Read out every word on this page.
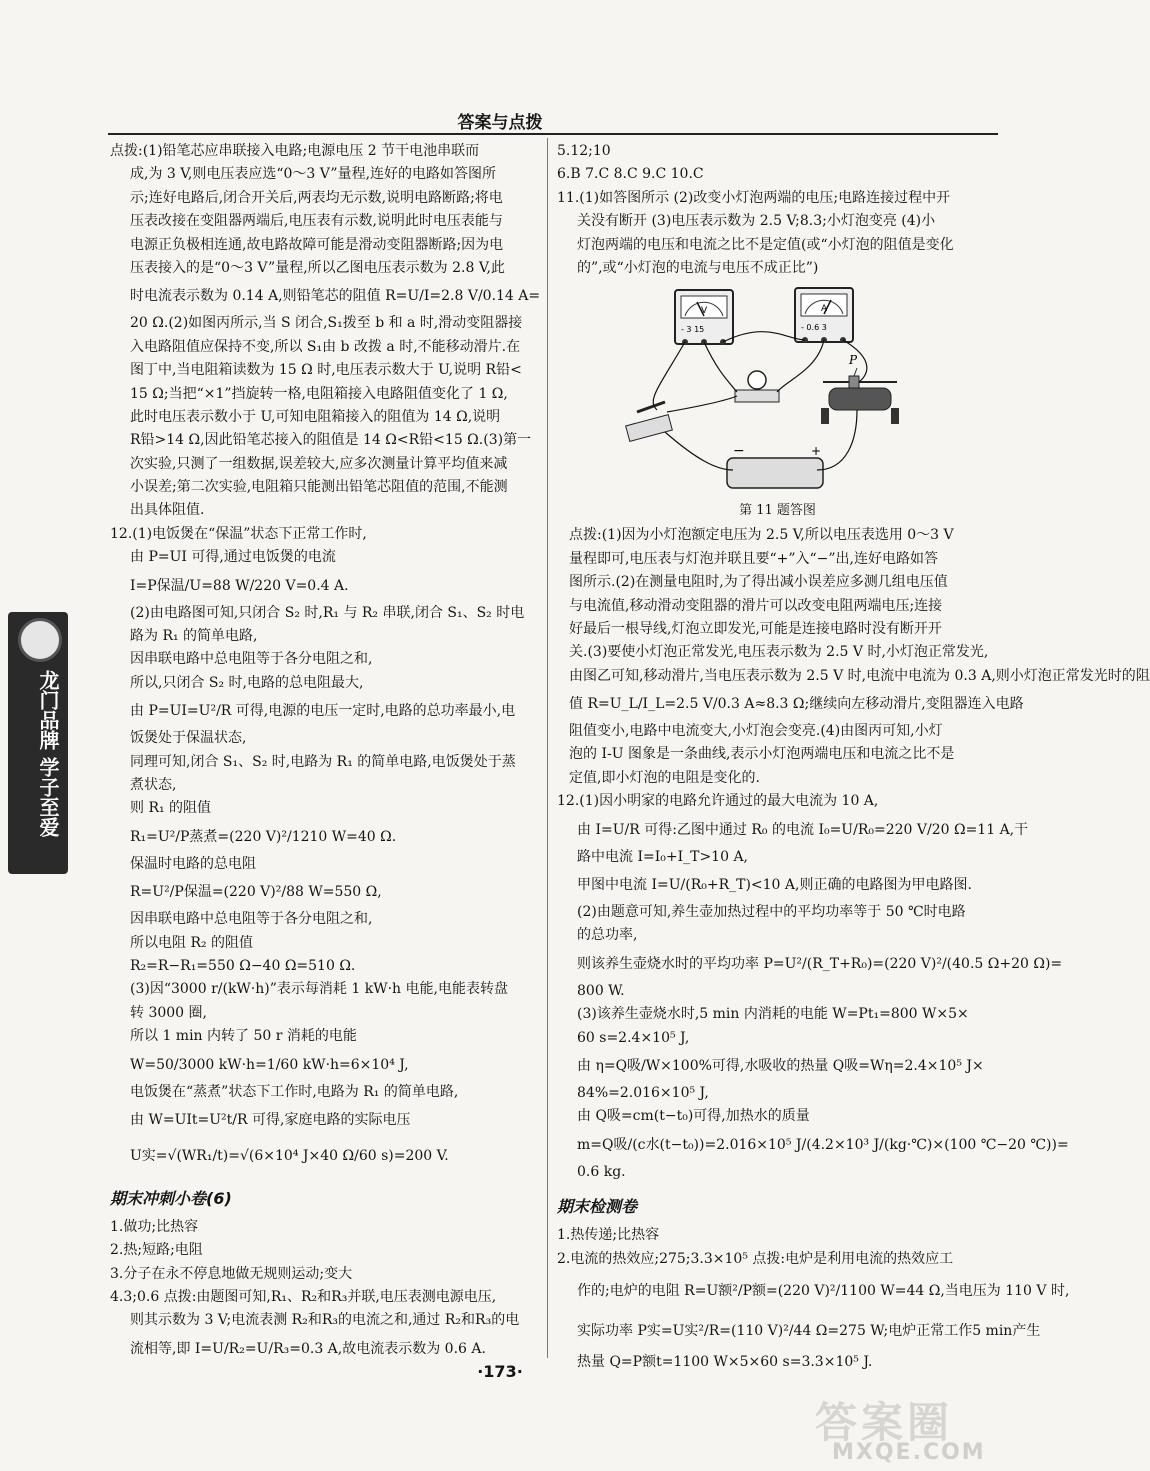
答案与点拨
龙门品牌 学子至爱
点拨:(1)铅笔芯应串联接入电路;电源电压 2 节干电池串联而
成,为 3 V,则电压表应选“0～3 V”量程,连好的电路如答图所
示;连好电路后,闭合开关后,两表均无示数,说明电路断路;将电
压表改接在变阻器两端后,电压表有示数,说明此时电压表能与
电源正负极相连通,故电路故障可能是滑动变阻器断路;因为电
压表接入的是“0～3 V”量程,所以乙图电压表示数为 2.8 V,此
时电流表示数为 0.14 A,则铅笔芯的阻值 R=U/I=2.8 V/0.14 A=
20 Ω.(2)如图丙所示,当 S 闭合,S₁拨至 b 和 a 时,滑动变阻器接
入电路阻值应保持不变,所以 S₁由 b 改拨 a 时,不能移动滑片.在
图丁中,当电阻箱读数为 15 Ω 时,电压表示数大于 U,说明 R铅<
15 Ω;当把“×1”挡旋转一格,电阻箱接入电路阻值变化了 1 Ω,
此时电压表示数小于 U,可知电阻箱接入的阻值为 14 Ω,说明
R铅>14 Ω,因此铅笔芯接入的阻值是 14 Ω<R铅<15 Ω.(3)第一
次实验,只测了一组数据,误差较大,应多次测量计算平均值来减
小误差;第二次实验,电阻箱只能测出铅笔芯阻值的范围,不能测
出具体阻值.
12.(1)电饭煲在“保温”状态下正常工作时,
由 P=UI 可得,通过电饭煲的电流
I=P保温/U=88 W/220 V=0.4 A.
(2)由电路图可知,只闭合 S₂ 时,R₁ 与 R₂ 串联,闭合 S₁、S₂ 时电
路为 R₁ 的简单电路,
因串联电路中总电阻等于各分电阻之和,
所以,只闭合 S₂ 时,电路的总电阻最大,
由 P=UI=U²/R 可得,电源的电压一定时,电路的总功率最小,电
饭煲处于保温状态,
同理可知,闭合 S₁、S₂ 时,电路为 R₁ 的简单电路,电饭煲处于蒸
煮状态,
则 R₁ 的阻值
R₁=U²/P蒸煮=(220 V)²/1210 W=40 Ω.
保温时电路的总电阻
R=U²/P保温=(220 V)²/88 W=550 Ω,
因串联电路中总电阻等于各分电阻之和,
所以电阻 R₂ 的阻值
R₂=R−R₁=550 Ω−40 Ω=510 Ω.
(3)因“3000 r/(kW·h)”表示每消耗 1 kW·h 电能,电能表转盘
转 3000 圈,
所以 1 min 内转了 50 r 消耗的电能
W=50/3000 kW·h=1/60 kW·h=6×10⁴ J,
电饭煲在“蒸煮”状态下工作时,电路为 R₁ 的简单电路,
由 W=UIt=U²t/R 可得,家庭电路的实际电压
U实=√(WR₁/t)=√(6×10⁴ J×40 Ω/60 s)=200 V.
期末冲刺小卷(6)
1.做功;比热容
2.热;短路;电阻
3.分子在永不停息地做无规则运动;变大
4.3;0.6 点拨:由题图可知,R₁、R₂和R₃并联,电压表测电源电压,
则其示数为 3 V;电流表测 R₂和R₃的电流之和,通过 R₂和R₃的电
流相等,即 I=U/R₂=U/R₃=0.3 A,故电流表示数为 0.6 A.
5.12;10
6.B 7.C 8.C 9.C 10.C
11.(1)如答图所示 (2)改变小灯泡两端的电压;电路连接过程中开
关没有断开 (3)电压表示数为 2.5 V;8.3;小灯泡变亮 (4)小
灯泡两端的电压和电流之比不是定值(或“小灯泡的阻值是变化
的”,或“小灯泡的电流与电压不成正比”)
V
- 3 15
A
- 0.6 3
P
−	+
第 11 题答图
点拨:(1)因为小灯泡额定电压为 2.5 V,所以电压表选用 0～3 V
量程即可,电压表与灯泡并联且要“+”入“−”出,连好电路如答
图所示.(2)在测量电阻时,为了得出减小误差应多测几组电压值
与电流值,移动滑动变阻器的滑片可以改变电阻两端电压;连接
好最后一根导线,灯泡立即发光,可能是连接电路时没有断开开
关.(3)要使小灯泡正常发光,电压表示数为 2.5 V 时,小灯泡正常发光,
由图乙可知,移动滑片,当电压表示数为 2.5 V 时,电流中电流为 0.3 A,则小灯泡正常发光时的阻
值 R=U_L/I_L=2.5 V/0.3 A≈8.3 Ω;继续向左移动滑片,变阻器连入电路
阻值变小,电路中电流变大,小灯泡会变亮.(4)由图丙可知,小灯
泡的 I-U 图象是一条曲线,表示小灯泡两端电压和电流之比不是
定值,即小灯泡的电阻是变化的.
12.(1)因小明家的电路允许通过的最大电流为 10 A,
由 I=U/R 可得:乙图中通过 R₀ 的电流 I₀=U/R₀=220 V/20 Ω=11 A,干
路中电流 I=I₀+I_T>10 A,
甲图中电流 I=U/(R₀+R_T)<10 A,则正确的电路图为甲电路图.
(2)由题意可知,养生壶加热过程中的平均功率等于 50 ℃时电路
的总功率,
则该养生壶烧水时的平均功率 P=U²/(R_T+R₀)=(220 V)²/(40.5 Ω+20 Ω)=
800 W.
(3)该养生壶烧水时,5 min 内消耗的电能 W=Pt₁=800 W×5×
60 s=2.4×10⁵ J,
由 η=Q吸/W×100%可得,水吸收的热量 Q吸=Wη=2.4×10⁵ J×
84%=2.016×10⁵ J,
由 Q吸=cm(t−t₀)可得,加热水的质量
m=Q吸/(c水(t−t₀))=2.016×10⁵ J/(4.2×10³ J/(kg·℃)×(100 ℃−20 ℃))=
0.6 kg.
期末检测卷
1.热传递;比热容
2.电流的热效应;275;3.3×10⁵ 点拨:电炉是利用电流的热效应工
作的;电炉的电阻 R=U额²/P额=(220 V)²/1100 W=44 Ω,当电压为 110 V 时,
实际功率 P实=U实²/R=(110 V)²/44 Ω=275 W;电炉正常工作5 min产生
热量 Q=P额t=1100 W×5×60 s=3.3×10⁵ J.
·173·
答案圈
MXQE.COM
